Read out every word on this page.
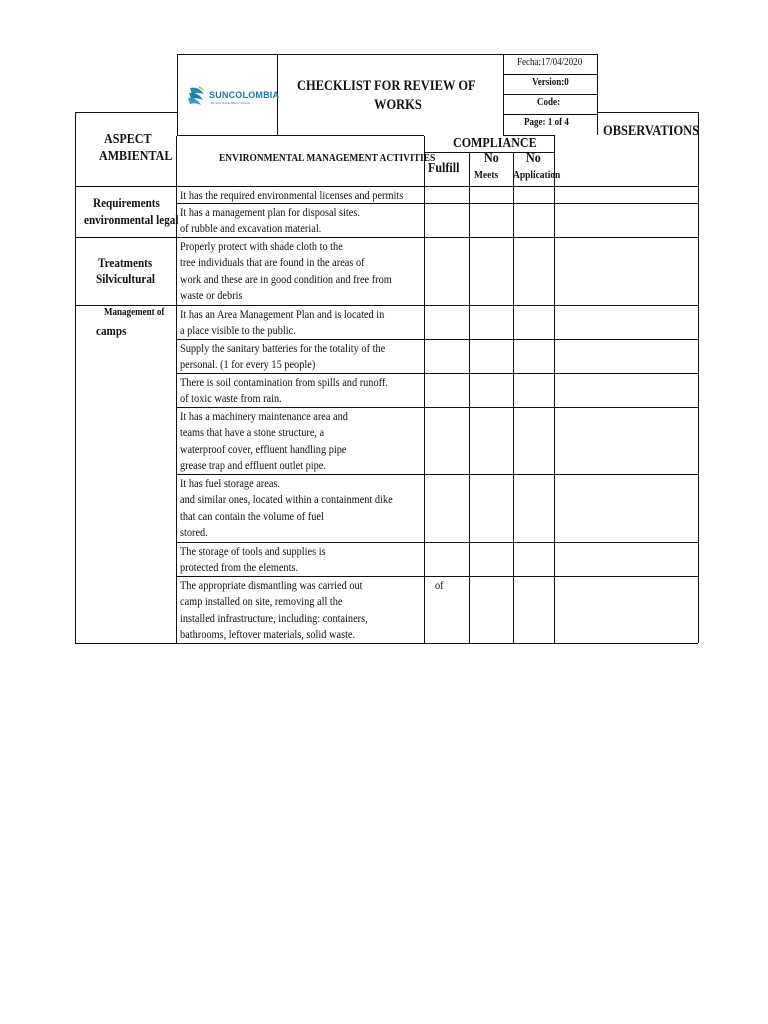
SUNCOLOMBIA
EL SOL SALE PARA TODOS
CHECKLIST FOR REVIEW OF
WORKS
Fecha:17/04/2020
Version:0
Code:
Page: 1 of 4
ASPECT
AMBIENTAL	ENVIRONMENTAL MANAGEMENT ACTIVITIES
COMPLIANCE
Fulfill
No
Meets
No
Application
OBSERVATIONS
Requirements
environmental legal
Treatments
Silvicultural
Management of
camps
It has the required environmental licenses and permits
It has a management plan for disposal sites.
of rubble and excavation material.
Properly protect with shade cloth to the
tree individuals that are found in the areas of
work and these are in good condition and free from
waste or debris
It has an Area Management Plan and is located in
a place visible to the public.
Supply the sanitary batteries for the totality of the
personal. (1 for every 15 people)
There is soil contamination from spills and runoff.
of toxic waste from rain.
It has a machinery maintenance area and
teams that have a stone structure, a
waterproof cover, effluent handling pipe
grease trap and effluent outlet pipe.
It has fuel storage areas.
and similar ones, located within a containment dike
that can contain the volume of fuel
stored.
The storage of tools and supplies is
protected from the elements.
The appropriate dismantling was carried out
camp installed on site, removing all the
installed infrastructure, including: containers,
bathrooms, leftover materials, solid waste.
of
